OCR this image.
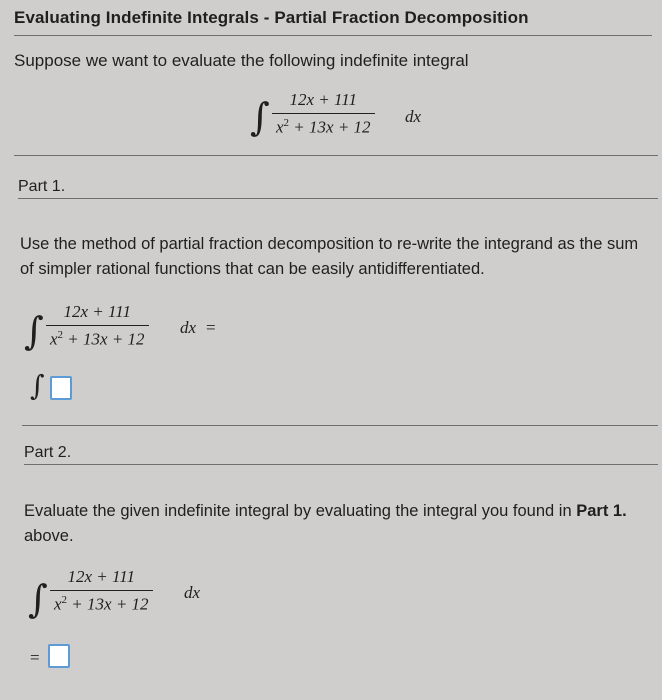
Evaluating Indefinite Integrals - Partial Fraction Decomposition
Suppose we want to evaluate the following indefinite integral
∫	12x + 111
$x^2 + 13x + 12$
dx
Part 1.
Use the method of partial fraction decomposition to re-write the integrand as the sum of simpler rational functions that can be easily antidifferentiated.
∫	12x + 111
$x^2 + 13x + 12$
dx =
∫
Part 2.
Evaluate the given indefinite integral by evaluating the integral you found in Part 1. above.
∫
12x + 111
$x^2 + 13x + 12$
dx
=
